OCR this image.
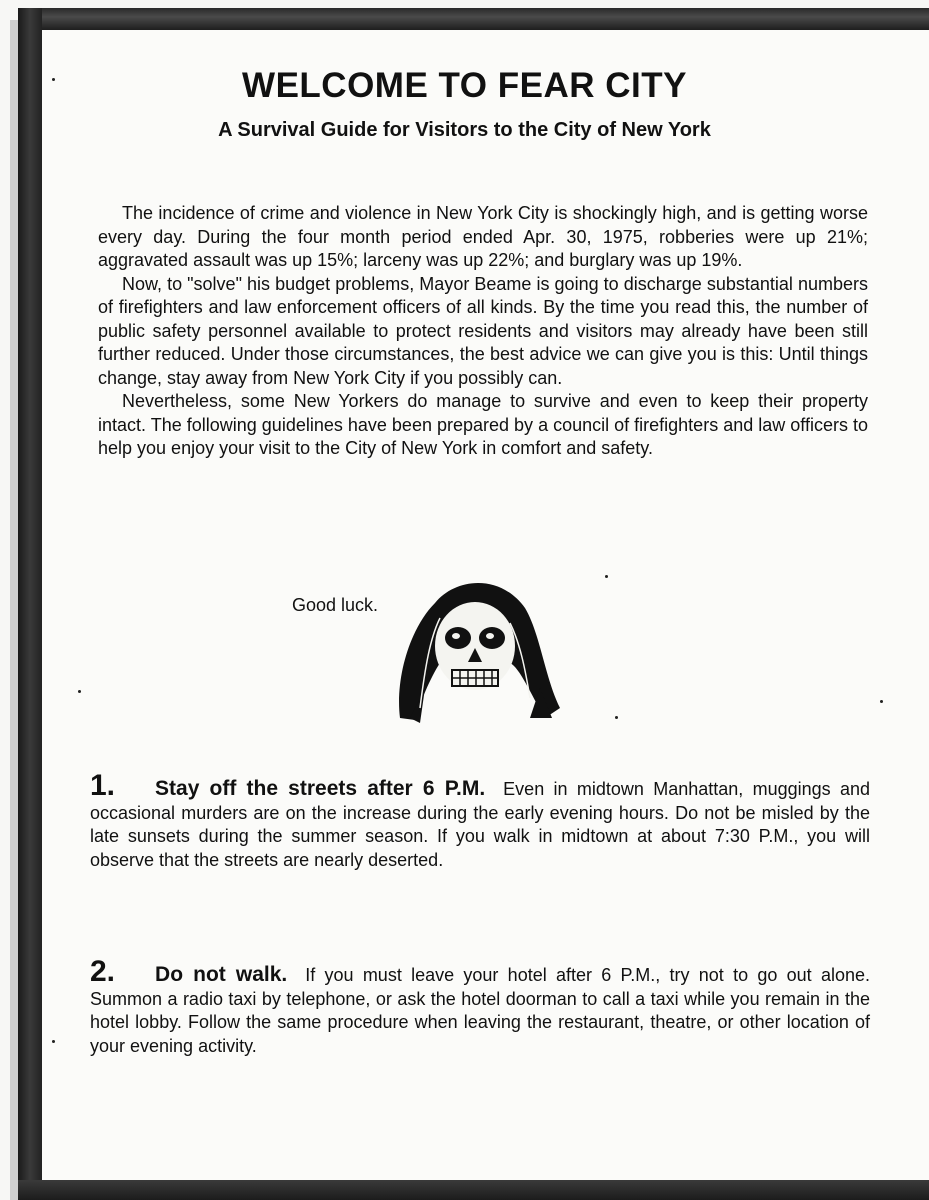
WELCOME TO FEAR CITY
A Survival Guide for Visitors to the City of New York

The incidence of crime and violence in New York City is shockingly high, and is getting worse every day. During the four month period ended Apr. 30, 1975, robberies were up 21%; aggravated assault was up 15%; larceny was up 22%; and burglary was up 19%.

Now, to "solve" his budget problems, Mayor Beame is going to discharge substantial numbers of firefighters and law enforcement officers of all kinds. By the time you read this, the number of public safety personnel available to protect residents and visitors may already have been still further reduced. Under those circumstances, the best advice we can give you is this: Until things change, stay away from New York City if you possibly can.

Nevertheless, some New Yorkers do manage to survive and even to keep their property intact. The following guidelines have been prepared by a council of firefighters and law officers to help you enjoy your visit to the City of New York in comfort and safety.

Good luck.
1. Stay off the streets after 6 P.M. Even in midtown Manhattan, muggings and occasional murders are on the increase during the early evening hours. Do not be misled by the late sunsets during the summer season. If you walk in midtown at about 7:30 P.M., you will observe that the streets are nearly deserted.
2. Do not walk. If you must leave your hotel after 6 P.M., try not to go out alone. Summon a radio taxi by telephone, or ask the hotel doorman to call a taxi while you remain in the hotel lobby. Follow the same procedure when leaving the restaurant, theatre, or other location of your evening activity.
